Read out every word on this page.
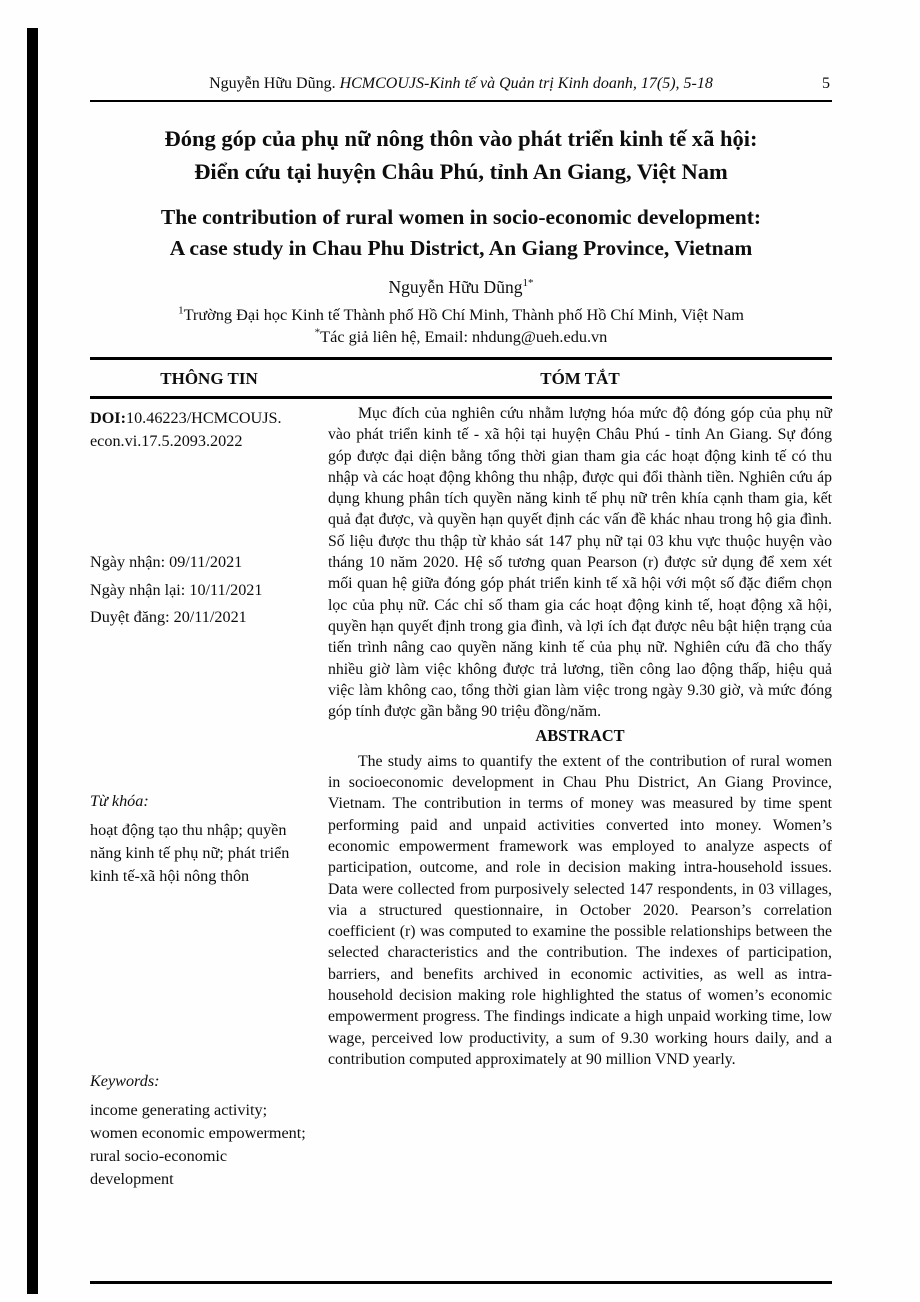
Nguyễn Hữu Dũng. HCMCOUJS-Kinh tế và Quản trị Kinh doanh, 17(5), 5-18	5
Đóng góp của phụ nữ nông thôn vào phát triển kinh tế xã hội:
Điển cứu tại huyện Châu Phú, tỉnh An Giang, Việt Nam
The contribution of rural women in socio-economic development:
A case study in Chau Phu District, An Giang Province, Vietnam
Nguyễn Hữu Dũng$^{1*}$
$^1$Trường Đại học Kinh tế Thành phố Hồ Chí Minh, Thành phố Hồ Chí Minh, Việt Nam
*Tác giả liên hệ, Email: nhdung@ueh.edu.vn
THÔNG TIN	TÓM TẮT
DOI:10.46223/HCMCOUJS.
econ.vi.17.5.2093.2022
Ngày nhận: 09/11/2021
Ngày nhận lại: 10/11/2021
Duyệt đăng: 20/11/2021
Từ khóa:
hoạt động tạo thu nhập; quyền năng kinh tế phụ nữ; phát triển kinh tế-xã hội nông thôn
Keywords:
income generating activity; women economic empowerment; rural socio-economic development
Mục đích của nghiên cứu nhằm lượng hóa mức độ đóng góp của phụ nữ vào phát triển kinh tế - xã hội tại huyện Châu Phú - tỉnh An Giang. Sự đóng góp được đại diện bằng tổng thời gian tham gia các hoạt động kinh tế có thu nhập và các hoạt động không thu nhập, được qui đổi thành tiền. Nghiên cứu áp dụng khung phân tích quyền năng kinh tế phụ nữ trên khía cạnh tham gia, kết quả đạt được, và quyền hạn quyết định các vấn đề khác nhau trong hộ gia đình. Số liệu được thu thập từ khảo sát 147 phụ nữ tại 03 khu vực thuộc huyện vào tháng 10 năm 2020. Hệ số tương quan Pearson (r) được sử dụng để xem xét mối quan hệ giữa đóng góp phát triển kinh tế xã hội với một số đặc điểm chọn lọc của phụ nữ. Các chỉ số tham gia các hoạt động kinh tế, hoạt động xã hội, quyền hạn quyết định trong gia đình, và lợi ích đạt được nêu bật hiện trạng của tiến trình nâng cao quyền năng kinh tế của phụ nữ. Nghiên cứu đã cho thấy nhiều giờ làm việc không được trả lương, tiền công lao động thấp, hiệu quả việc làm không cao, tổng thời gian làm việc trong ngày 9.30 giờ, và mức đóng góp tính được gần bằng 90 triệu đồng/năm.
ABSTRACT
The study aims to quantify the extent of the contribution of rural women in socioeconomic development in Chau Phu District, An Giang Province, Vietnam. The contribution in terms of money was measured by time spent performing paid and unpaid activities converted into money. Women’s economic empowerment framework was employed to analyze aspects of participation, outcome, and role in decision making intra-household issues. Data were collected from purposively selected 147 respondents, in 03 villages, via a structured questionnaire, in October 2020. Pearson’s correlation coefficient (r) was computed to examine the possible relationships between the selected characteristics and the contribution. The indexes of participation, barriers, and benefits archived in economic activities, as well as intra-household decision making role highlighted the status of women’s economic empowerment progress. The findings indicate a high unpaid working time, low wage, perceived low productivity, a sum of 9.30 working hours daily, and a contribution computed approximately at 90 million VND yearly.
